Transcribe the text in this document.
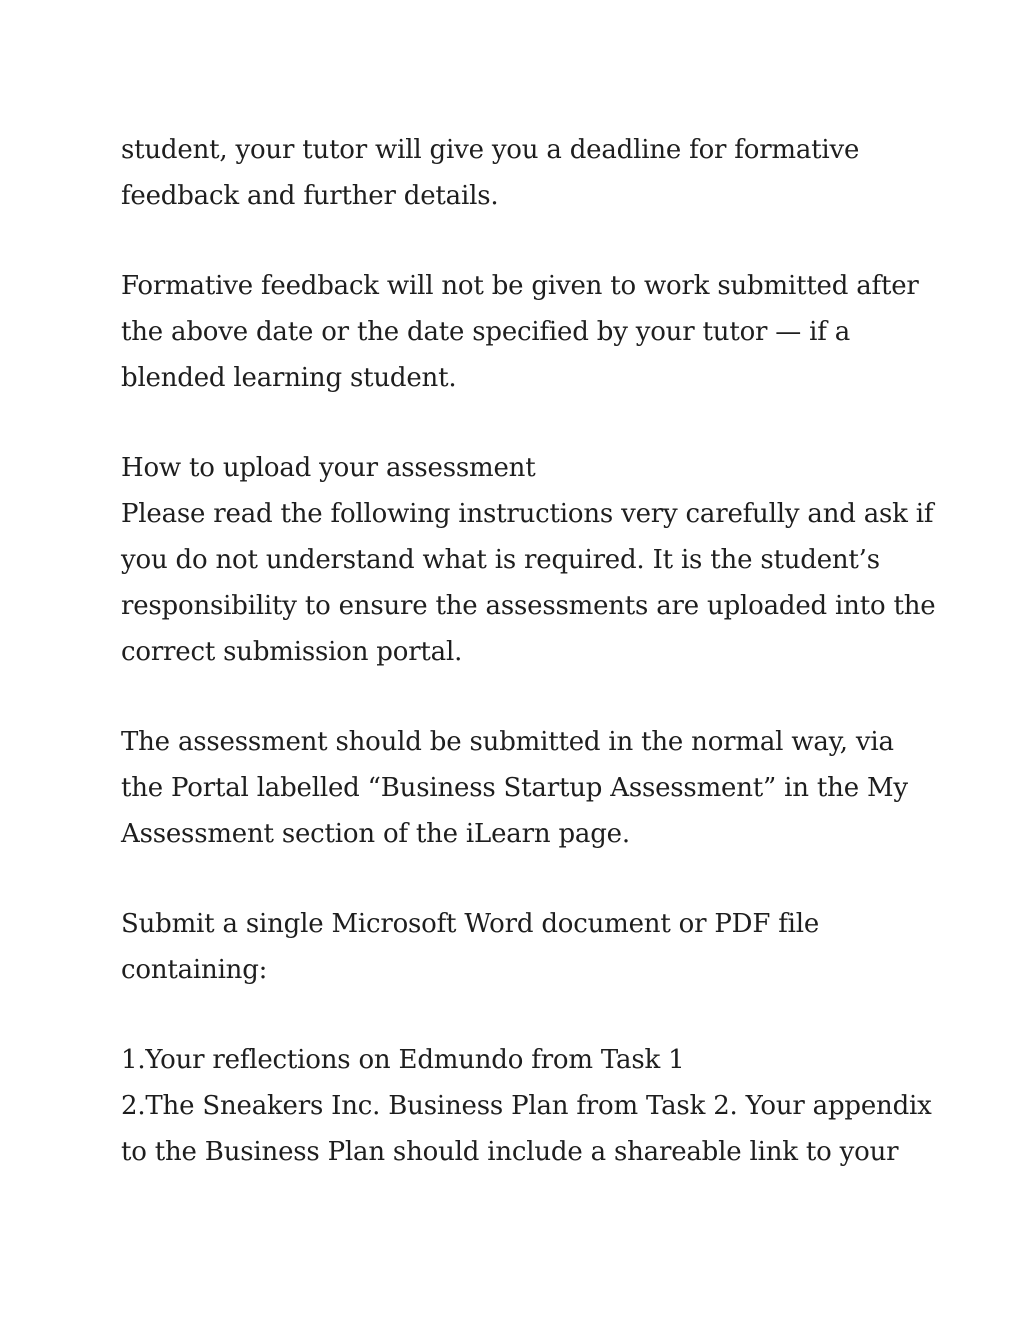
student, your tutor will give you a deadline for formative
feedback and further details.

Formative feedback will not be given to work submitted after
the above date or the date specified by your tutor — if a
blended learning student.

How to upload your assessment
Please read the following instructions very carefully and ask if
you do not understand what is required. It is the student’s
responsibility to ensure the assessments are uploaded into the
correct submission portal.

The assessment should be submitted in the normal way, via
the Portal labelled “Business Startup Assessment” in the My
Assessment section of the iLearn page.

Submit a single Microsoft Word document or PDF file
containing:

1.Your reflections on Edmundo from Task 1
2.The Sneakers Inc. Business Plan from Task 2. Your appendix
to the Business Plan should include a shareable link to your
